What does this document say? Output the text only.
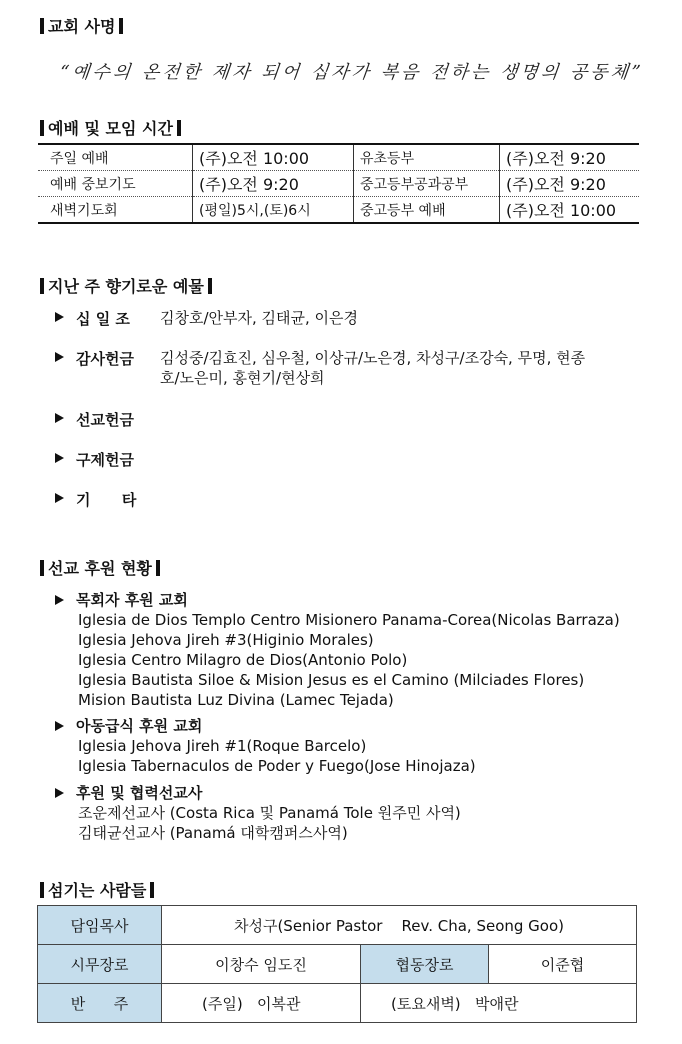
교회 사명
“예수의 온전한 제자 되어 십자가 복음 전하는 생명의 공동체”
예배 및 모임 시간
주일 예배	(주)오전 10:00	유초등부	(주)오전 9:20
예배 중보기도	(주)오전 9:20	중고등부공과공부	(주)오전 9:20
새벽기도회	(평일)5시,(토)6시	중고등부 예배	(주)오전 10:00
지난 주 향기로운 예물
십 일 조	김창호/안부자, 김태균, 이은경
감사헌금	김성중/김효진, 심우철, 이상규/노은경, 차성구/조강숙, 무명, 현종호/노은미, 홍현기/현상희
선교헌금
구제헌금
기      타
선교 후원 현황
목회자 후원 교회
Iglesia de Dios Templo Centro Misionero Panama-Corea(Nicolas Barraza)
Iglesia Jehova Jireh #3(Higinio Morales)
Iglesia Centro Milagro de Dios(Antonio Polo)
Iglesia Bautista Siloe & Mision Jesus es el Camino (Milciades Flores)
Mision Bautista Luz Divina (Lamec Tejada)
아동급식 후원 교회
Iglesia Jehova Jireh #1(Roque Barcelo)
Iglesia Tabernaculos de Poder y Fuego(Jose Hinojaza)
후원 및 협력선교사
조운제선교사 (Costa Rica 및 Panamá Tole 원주민 사역)
김태균선교사 (Panamá 대학캠퍼스사역)
섬기는 사람들
담임목사	차성구(Senior Pastor    Rev. Cha, Seong Goo)		
시무장로	이창수 임도진	협동장로	이준협
반      주	(주일)   이복관	(토요새벽)   박애란	
